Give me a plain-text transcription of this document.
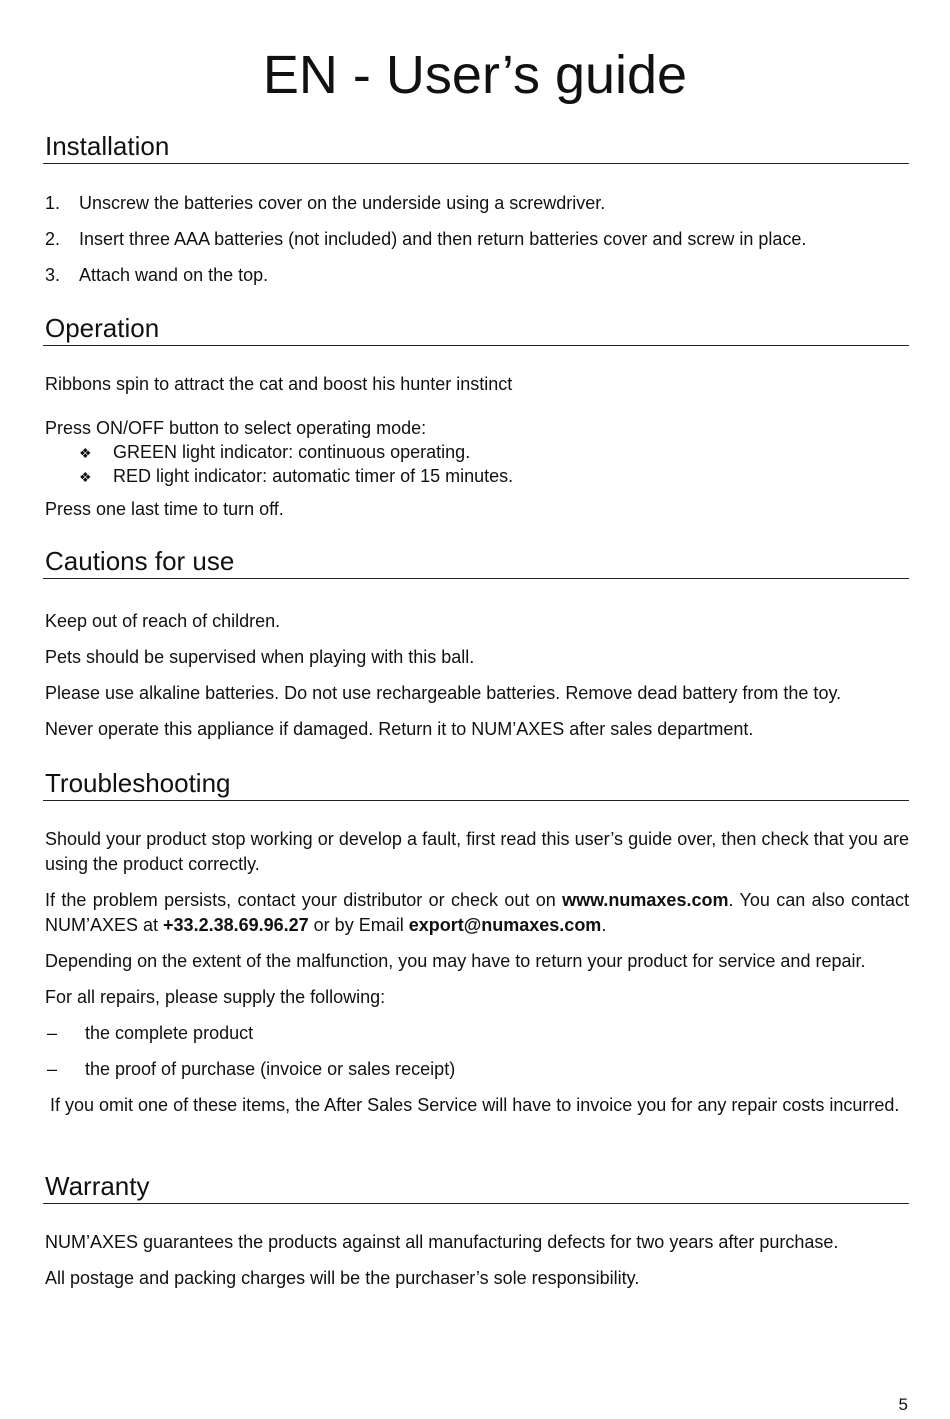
EN - User’s guide
Installation
1. Unscrew the batteries cover on the underside using a screwdriver.
2. Insert three AAA batteries (not included) and then return batteries cover and screw in place.
3. Attach wand on the top.
Operation

Ribbons spin to attract the cat and boost his hunter instinct

Press ON/OFF button to select operating mode:

❖ GREEN light indicator: continuous operating.
❖ RED light indicator: automatic timer of 15 minutes.

Press one last time to turn off.

Cautions for use

Keep out of reach of children.

Pets should be supervised when playing with this ball.

Please use alkaline batteries. Do not use rechargeable batteries. Remove dead battery from the toy.

Never operate this appliance if damaged. Return it to NUM’AXES after sales department.

Troubleshooting

Should your product stop working or develop a fault, first read this user’s guide over, then check that you are using the product correctly.

If the problem persists, contact your distributor or check out on www.numaxes.com. You can also contact NUM’AXES at +33.2.38.69.96.27 or by Email export@numaxes.com.

Depending on the extent of the malfunction, you may have to return your product for service and repair.

For all repairs, please supply the following:

– the complete product
– the proof of purchase (invoice or sales receipt)

If you omit one of these items, the After Sales Service will have to invoice you for any repair costs incurred.

Warranty

NUM’AXES guarantees the products against all manufacturing defects for two years after purchase.

All postage and packing charges will be the purchaser’s sole responsibility.

5
